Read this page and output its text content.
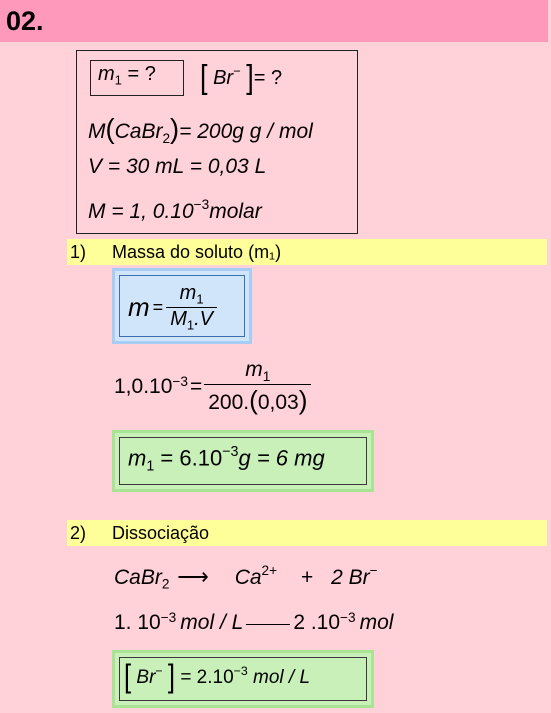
02.
$m_1$ = ? [ Br− ]= ?
M(CaBr$_2$)= 200g g / mol
V = 30 mL = 0,03 L
M = 1, $0.10^{-3}molar$
1) Massa do soluto (m₁)
$m = \frac{m_1}{M_1.V}$
$1,0.10^{-3} = \frac{m_1}{200.(0,03)}$
$m_1 = 6.10^{-3}g = 6$ mg
2) Dissociação
CaBr$_2$ ⟶ $Ca^{2+} + 2$ Br−
1. $10^{-3}$ mol / L 2 $.10^{-3}$ mol
[ Br− ] = $2.10^{-3}$ mol / L
